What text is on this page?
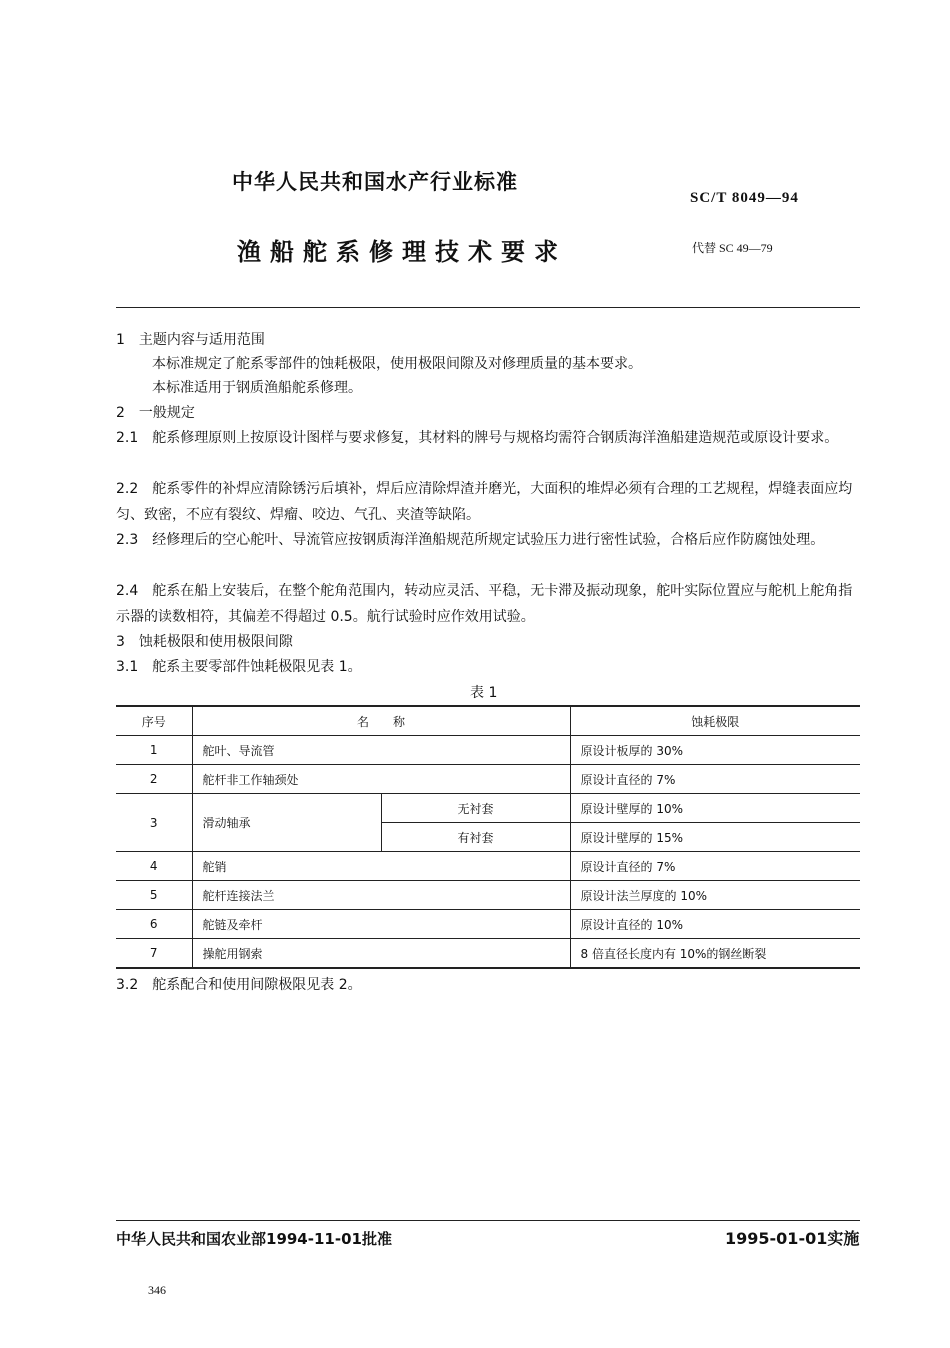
中华人民共和国水产行业标准
SC/T 8049—94
渔船舵系修理技术要求	代替 SC 49—79
1 主题内容与适用范围
本标准规定了舵系零部件的蚀耗极限，使用极限间隙及对修理质量的基本要求。
本标准适用于钢质渔船舵系修理。
2 一般规定
2.1 舵系修理原则上按原设计图样与要求修复，其材料的牌号与规格均需符合钢质海洋渔船建造规范或原设计要求。
2.2 舵系零件的补焊应清除锈污后填补，焊后应清除焊渣并磨光，大面积的堆焊必须有合理的工艺规程，焊缝表面应均匀、致密，不应有裂纹、焊瘤、咬边、气孔、夹渣等缺陷。
2.3 经修理后的空心舵叶、导流管应按钢质海洋渔船规范所规定试验压力进行密性试验，合格后应作防腐蚀处理。
2.4 舵系在船上安装后，在整个舵角范围内，转动应灵活、平稳，无卡滞及振动现象，舵叶实际位置应与舵机上舵角指示器的读数相符，其偏差不得超过 0.5。航行试验时应作效用试验。
3 蚀耗极限和使用极限间隙
3.1 舵系主要零部件蚀耗极限见表 1。
表 1
序号	名　　称		蚀耗极限
1	舵叶、导流管		原设计板厚的 30%
2	舵杆非工作轴颈处		原设计直径的 7%
3	滑动轴承	无衬套	原设计壁厚的 10%
		有衬套	原设计壁厚的 15%
4	舵销		原设计直径的 7%
5	舵杆连接法兰		原设计法兰厚度的 10%
6	舵链及牵杆		原设计直径的 10%
7	操舵用钢索		8 倍直径长度内有 10%的钢丝断裂
3.2 舵系配合和使用间隙极限见表 2。
中华人民共和国农业部1994-11-01批准	1995-01-01实施
346
